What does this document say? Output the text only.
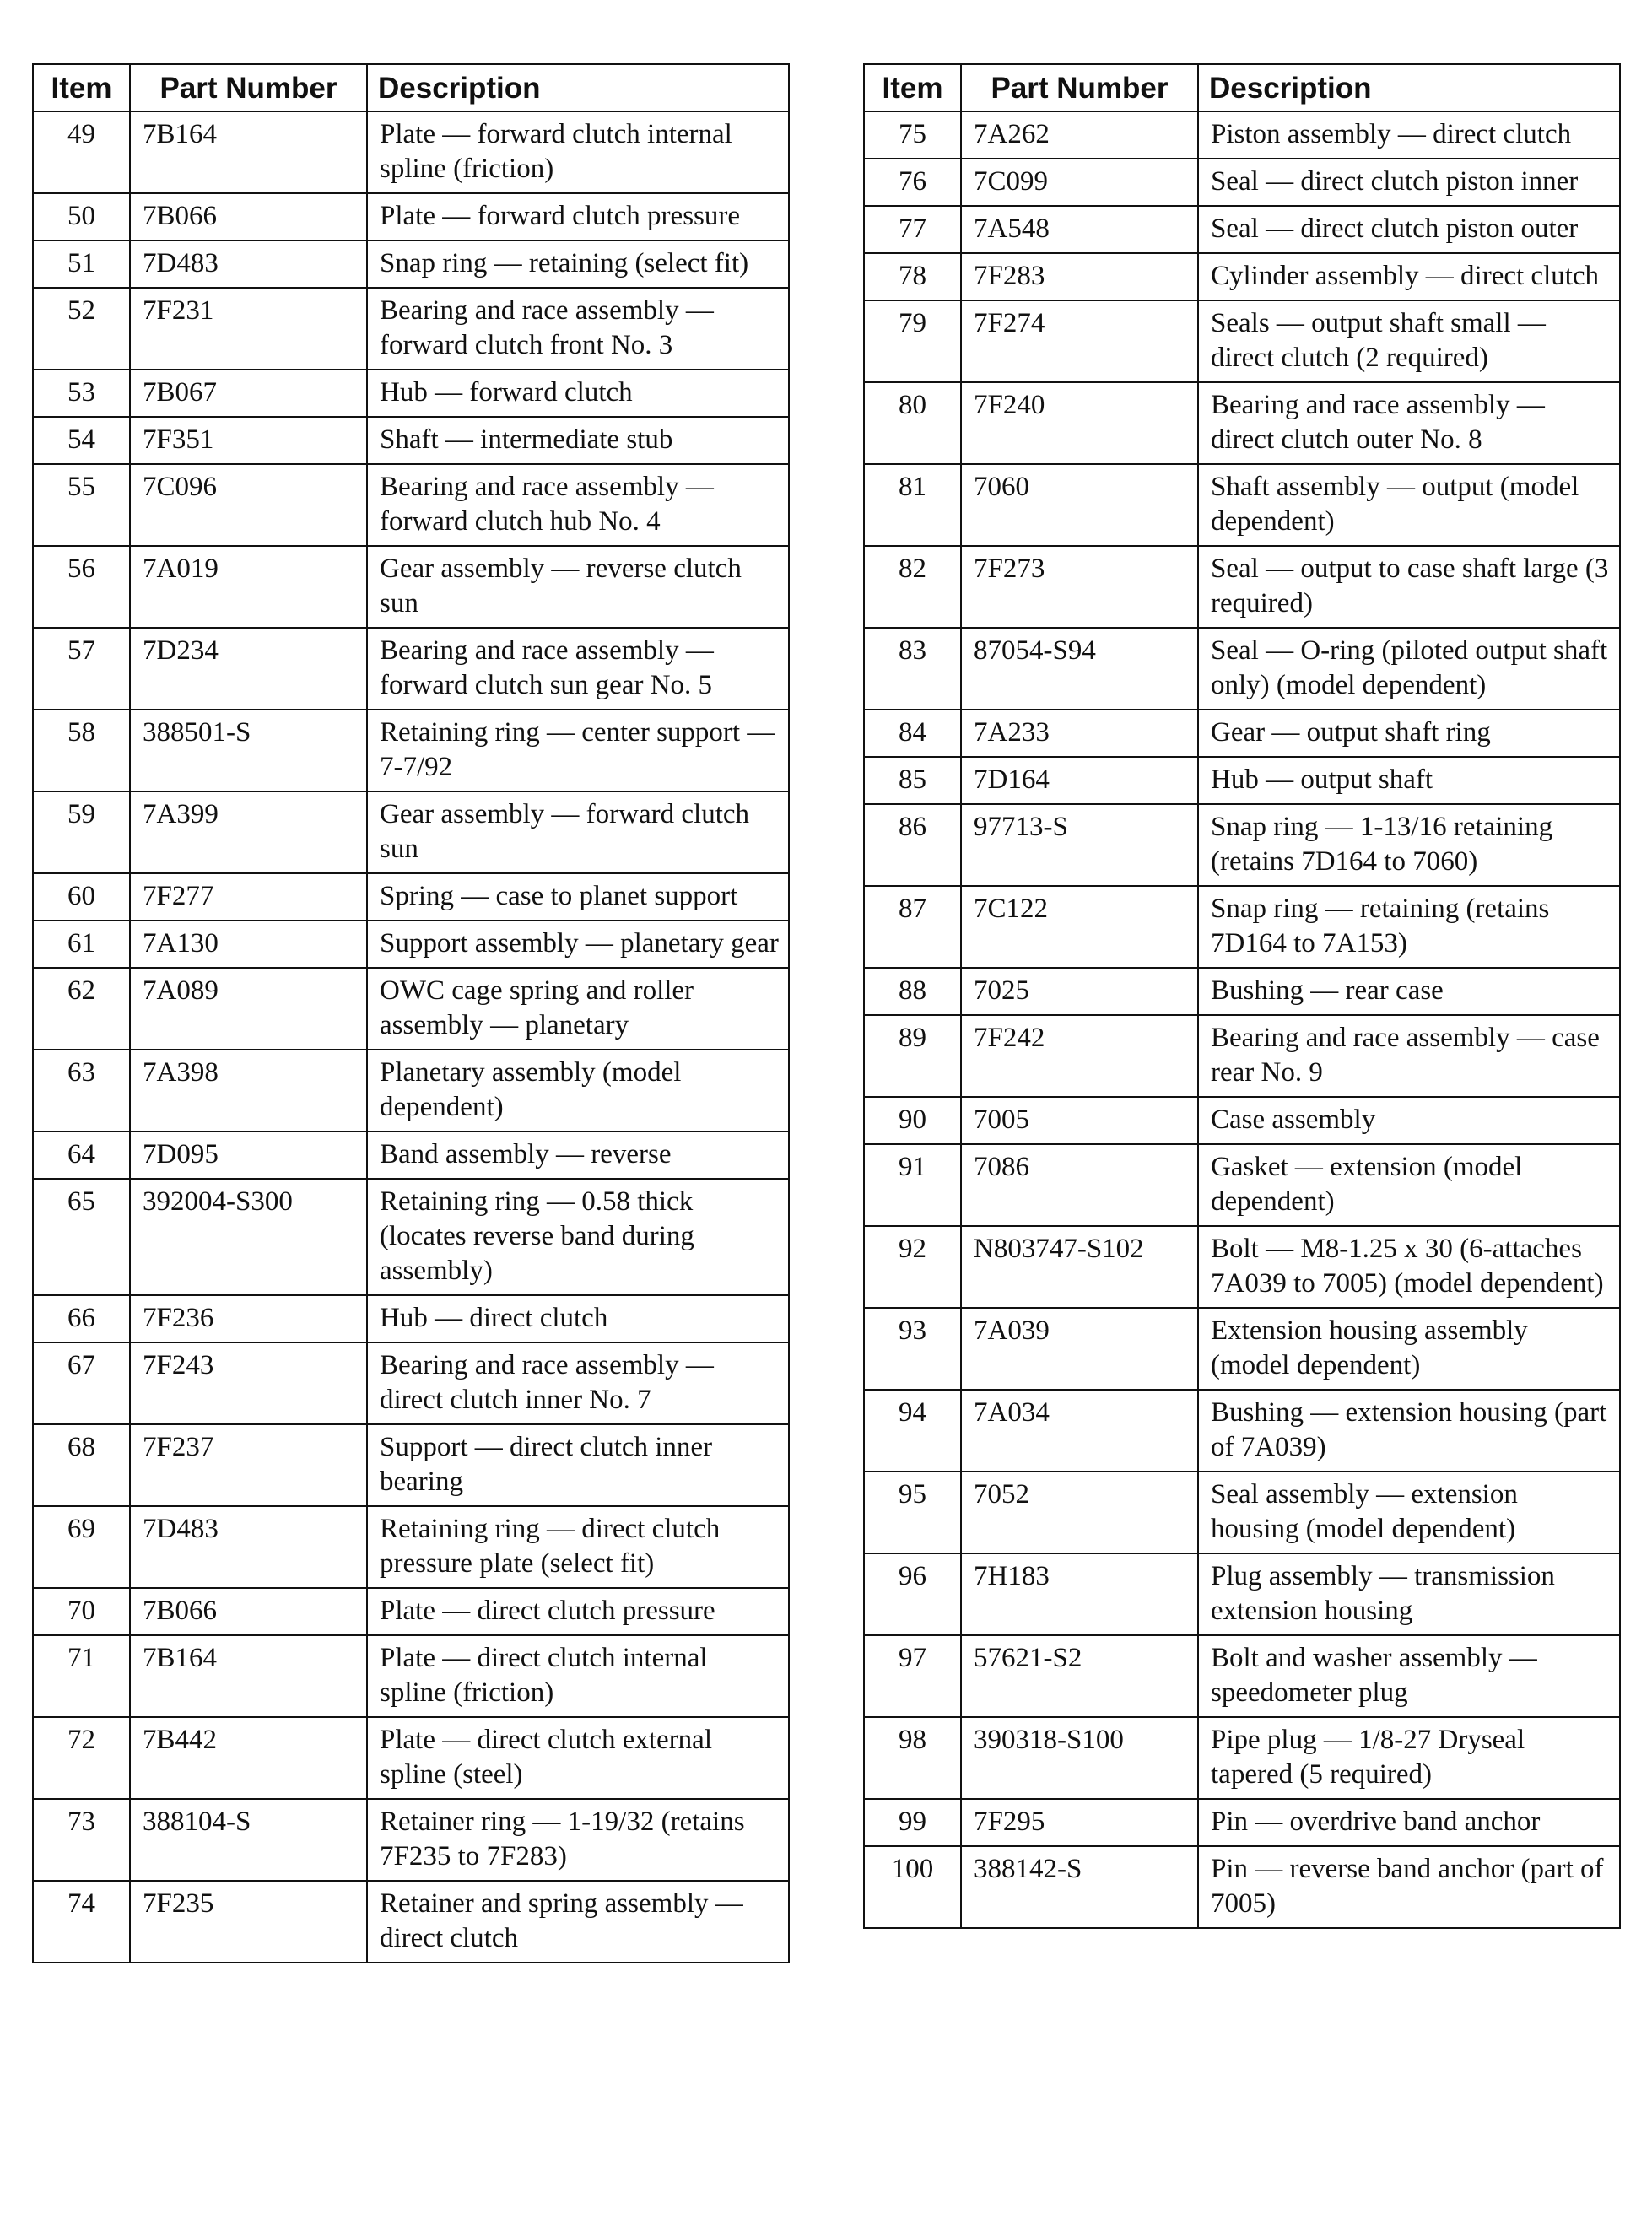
Item	Part Number	Description
49	7B164	Plate — forward clutch internal spline (friction)
50	7B066	Plate — forward clutch pressure
51	7D483	Snap ring — retaining (select fit)
52	7F231	Bearing and race assembly — forward clutch front No. 3
53	7B067	Hub — forward clutch
54	7F351	Shaft — intermediate stub
55	7C096	Bearing and race assembly — forward clutch hub No. 4
56	7A019	Gear assembly — reverse clutch sun
57	7D234	Bearing and race assembly — forward clutch sun gear No. 5
58	388501-S	Retaining ring — center support — 7-7/92
59	7A399	Gear assembly — forward clutch sun
60	7F277	Spring — case to planet support
61	7A130	Support assembly — planetary gear
62	7A089	OWC cage spring and roller assembly — planetary
63	7A398	Planetary assembly (model dependent)
64	7D095	Band assembly — reverse
65	392004-S300	Retaining ring — 0.58 thick (locates reverse band during assembly)
66	7F236	Hub — direct clutch
67	7F243	Bearing and race assembly — direct clutch inner No. 7
68	7F237	Support — direct clutch inner bearing
69	7D483	Retaining ring — direct clutch pressure plate (select fit)
70	7B066	Plate — direct clutch pressure
71	7B164	Plate — direct clutch internal spline (friction)
72	7B442	Plate — direct clutch external spline (steel)
73	388104-S	Retainer ring — 1-19/32 (retains 7F235 to 7F283)
74	7F235	Retainer and spring assembly — direct clutch
Item	Part Number	Description
75	7A262	Piston assembly — direct clutch
76	7C099	Seal — direct clutch piston inner
77	7A548	Seal — direct clutch piston outer
78	7F283	Cylinder assembly — direct clutch
79	7F274	Seals — output shaft small — direct clutch (2 required)
80	7F240	Bearing and race assembly — direct clutch outer No. 8
81	7060	Shaft assembly — output (model dependent)
82	7F273	Seal — output to case shaft large (3 required)
83	87054-S94	Seal — O-ring (piloted output shaft only) (model dependent)
84	7A233	Gear — output shaft ring
85	7D164	Hub — output shaft
86	97713-S	Snap ring — 1-13/16 retaining (retains 7D164 to 7060)
87	7C122	Snap ring — retaining (retains 7D164 to 7A153)
88	7025	Bushing — rear case
89	7F242	Bearing and race assembly — case rear No. 9
90	7005	Case assembly
91	7086	Gasket — extension (model dependent)
92	N803747-S102	Bolt — M8-1.25 x 30 (6-attaches 7A039 to 7005) (model dependent)
93	7A039	Extension housing assembly (model dependent)
94	7A034	Bushing — extension housing (part of 7A039)
95	7052	Seal assembly — extension housing (model dependent)
96	7H183	Plug assembly — transmission extension housing
97	57621-S2	Bolt and washer assembly — speedometer plug
98	390318-S100	Pipe plug — 1/8-27 Dryseal tapered (5 required)
99	7F295	Pin — overdrive band anchor
100	388142-S	Pin — reverse band anchor (part of 7005)
